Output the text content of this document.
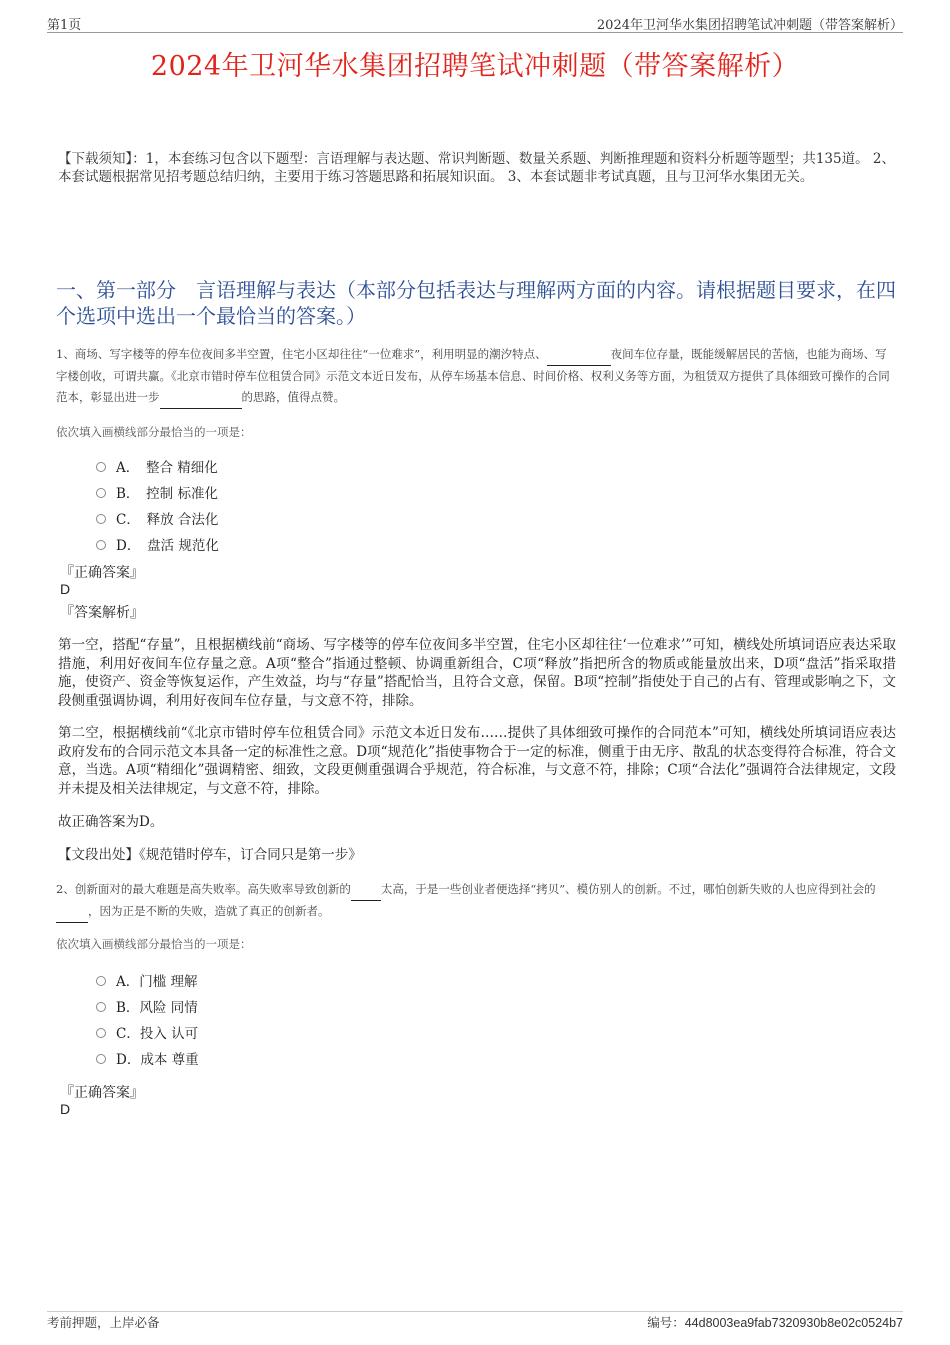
第1页	2024年卫河华水集团招聘笔试冲刺题（带答案解析）
2024年卫河华水集团招聘笔试冲刺题（带答案解析）
【下载须知】：1，本套练习包含以下题型：言语理解与表达题、常识判断题、数量关系题、判断推理题和资料分析题等题型；共135道。 2、本套试题根据常见招考题总结归纳，主要用于练习答题思路和拓展知识面。 3、本套试题非考试真题，且与卫河华水集团无关。
一、第一部分　言语理解与表达（本部分包括表达与理解两方面的内容。请根据题目要求，在四个选项中选出一个最恰当的答案。）
1、商场、写字楼等的停车位夜间多半空置，住宅小区却往往“一位难求”，利用明显的潮汐特点、	夜间车位存量，既能缓解居民的苦恼，也能为商场、写字楼创收，可谓共赢。《北京市错时停车位租赁合同》示范文本近日发布，从停车场基本信息、时间价格、权利义务等方面，为租赁双方提供了具体细致可操作的合同范本，彰显出进一步	的思路，值得点赞。
依次填入画横线部分最恰当的一项是：
A．　整合 精细化
B．　控制 标准化
C．　释放 合法化
D．　盘活 规范化
『正确答案』
D
『答案解析』
第一空，搭配“存量”，且根据横线前“商场、写字楼等的停车位夜间多半空置，住宅小区却往往‘一位难求’”可知，横线处所填词语应表达采取措施，利用好夜间车位存量之意。A项“整合”指通过整顿、协调重新组合，C项“释放”指把所含的物质或能量放出来，D项“盘活”指采取措施，使资产、资金等恢复运作，产生效益，均与“存量”搭配恰当，且符合文意，保留。B项“控制”指使处于自己的占有、管理或影响之下，文段侧重强调协调，利用好夜间车位存量，与文意不符，排除。
第二空，根据横线前“《北京市错时停车位租赁合同》示范文本近日发布……提供了具体细致可操作的合同范本”可知，横线处所填词语应表达政府发布的合同示范文本具备一定的标准性之意。D项“规范化”指使事物合于一定的标准，侧重于由无序、散乱的状态变得符合标准，符合文意，当选。A项“精细化”强调精密、细致，文段更侧重强调合乎规范，符合标准，与文意不符，排除；C项“合法化”强调符合法律规定，文段并未提及相关法律规定，与文意不符，排除。
故正确答案为D。
【文段出处】《规范错时停车，订合同只是第一步》
2、创新面对的最大难题是高失败率。高失败率导致创新的	太高，于是一些创业者便选择“拷贝”、模仿别人的创新。不过，哪怕创新失败的人也应得到社会的 ，因为正是不断的失败，造就了真正的创新者。
依次填入画横线部分最恰当的一项是：
A．门槛 理解
B．风险 同情
C．投入 认可
D．成本 尊重
『正确答案』
D
考前押题，上岸必备	编号：44d8003ea9fab7320930b8e02c0524b7
